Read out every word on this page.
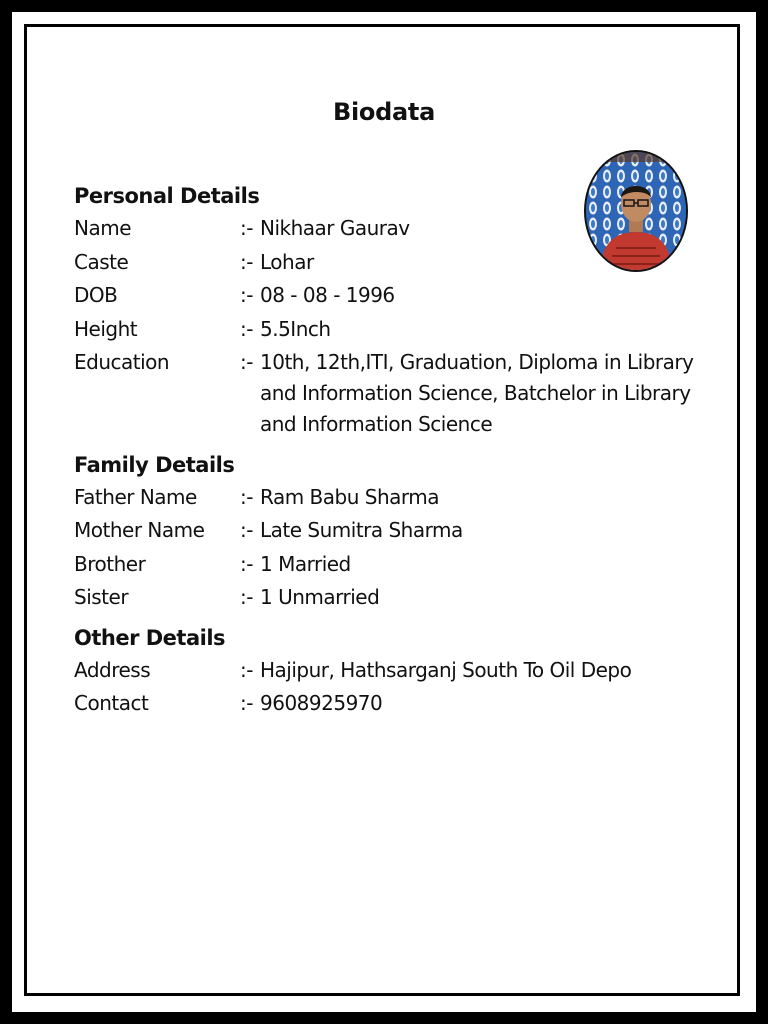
Biodata
Personal Details
Name	:- Nikhaar Gaurav
Caste	:- Lohar
DOB	:- 08 - 08 - 1996
Height	:- 5.5Inch
Education	:- 10th, 12th,ITI, Graduation, Diploma in Library and Information Science, Batchelor in Library and Information Science
Family Details
Father Name	:- Ram Babu Sharma
Mother Name	:- Late Sumitra Sharma
Brother	:- 1 Married
Sister	:- 1 Unmarried
Other Details
Address	:- Hajipur, Hathsarganj South To Oil Depo
Contact	:- 9608925970
